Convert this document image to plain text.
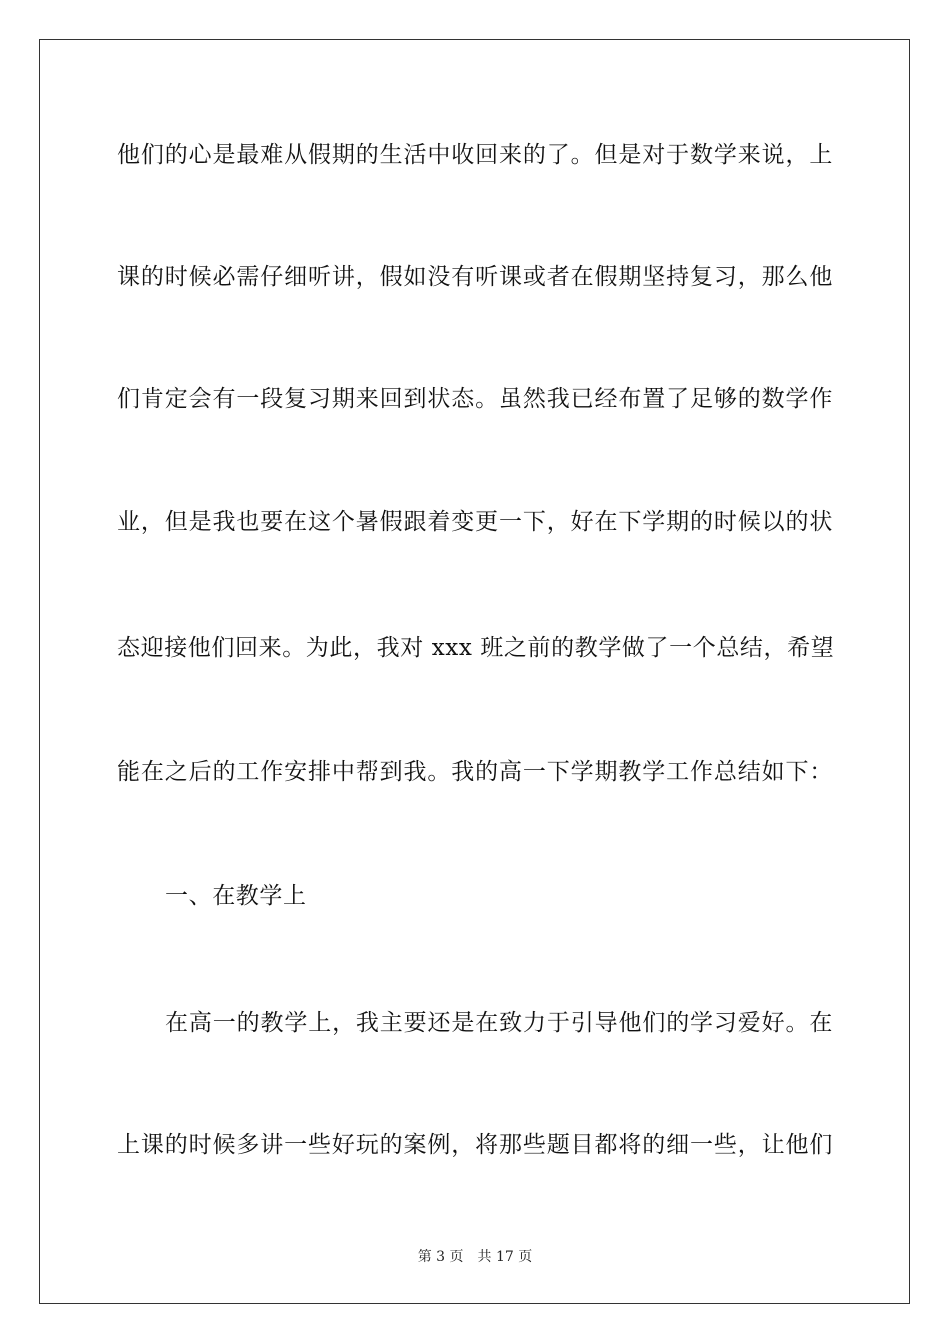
他们的心是最难从假期的生活中收回来的了。但是对于数学来说，上
课的时候必需仔细听讲，假如没有听课或者在假期坚持复习，那么他
们肯定会有一段复习期来回到状态。虽然我已经布置了足够的数学作
业，但是我也要在这个暑假跟着变更一下，好在下学期的时候以的状
态迎接他们回来。为此，我对 xxx 班之前的教学做了一个总结，希望
能在之后的工作安排中帮到我。我的高一下学期教学工作总结如下：
一、在教学上
在高一的教学上，我主要还是在致力于引导他们的学习爱好。在
上课的时候多讲一些好玩的案例，将那些题目都将的细一些，让他们
第 3 页 共 17 页
